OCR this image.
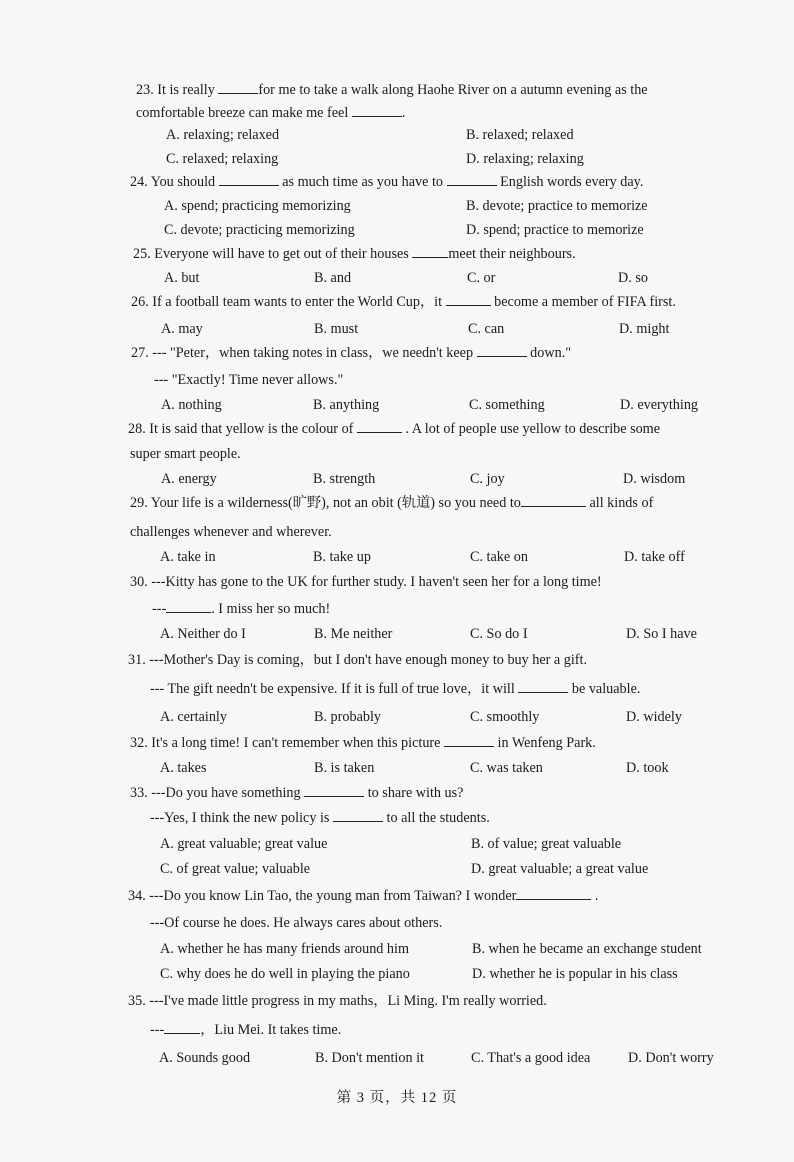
23. It is really	for me to take a walk along Haohe River on a autumn evening as the
comfortable breeze can make me feel	.
A. relaxing; relaxed	B. relaxed; relaxed
C. relaxed; relaxing	D. relaxing; relaxing
24. You should	as much time as you have to	English words every day.
A. spend; practicing memorizing	B. devote; practice to memorize
C. devote; practicing memorizing	D. spend; practice to memorize
25. Everyone will have to get out of their houses	meet their neighbours.
A. but	B. and	C. or	D. so
26. If a football team wants to enter the World Cup，it	become a member of FIFA first.
A. may	B. must	C. can	D. might
27. --- "Peter，when taking notes in class，we needn't keep	down."
--- "Exactly! Time never allows."
A. nothing	B. anything	C. something	D. everything
28. It is said that yellow is the colour of	. A lot of people use yellow to describe some
super smart people.
A. energy	B. strength	C. joy	D. wisdom
29. Your life is a wilderness(旷野), not an obit (轨道) so you need to	all kinds of
challenges whenever and wherever.
A. take in	B. take up	C. take on	D. take off
30. ---Kitty has gone to the UK for further study. I haven't seen her for a long time!
---	. I miss her so much!
A. Neither do I	B. Me neither	C. So do I	D. So I have
31. ---Mother's Day is coming，but I don't have enough money to buy her a gift.
--- The gift needn't be expensive. If it is full of true love，it will	be valuable.
A. certainly	B. probably	C. smoothly	D. widely
32. It's a long time! I can't remember when this picture	in Wenfeng Park.
A. takes	B. is taken	C. was taken	D. took
33. ---Do you have something	to share with us?
---Yes, I think the new policy is	to all the students.
A. great valuable; great value	B. of value; great valuable
C. of great value; valuable	D. great valuable; a great value
34. ---Do you know Lin Tao, the young man from Taiwan? I wonder	.
---Of course he does. He always cares about others.
A. whether he has many friends around him	B. when he became an exchange student
C. why does he do well in playing the piano	D. whether he is popular in his class
35. ---I've made little progress in my maths，Li Ming. I'm really worried.
---	，Liu Mei. It takes time.
A. Sounds good	B. Don't mention it	C. That's a good idea	D. Don't worry
第 3 页，共 12 页
